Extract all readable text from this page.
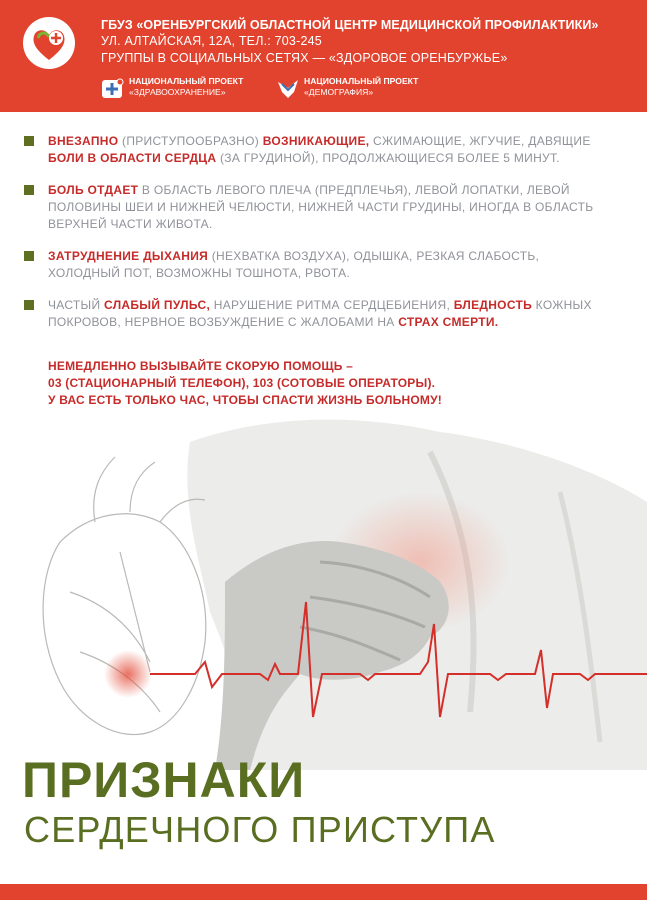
ГБУЗ «ОРЕНБУРГСКИЙ ОБЛАСТНОЙ ЦЕНТР МЕДИЦИНСКОЙ ПРОФИЛАКТИКИ»
УЛ. АЛТАЙСКАЯ, 12А, ТЕЛ.: 703-245
ГРУППЫ В СОЦИАЛЬНЫХ СЕТЯХ — «ЗДОРОВОЕ ОРЕНБУРЖЬЕ»
НАЦИОНАЛЬНЫЙ ПРОЕКТ
«ЗДРАВООХРАНЕНИЕ»
НАЦИОНАЛЬНЫЙ ПРОЕКТ
«ДЕМОГРАФИЯ»
ВНЕЗАПНО (ПРИСТУПООБРАЗНО) ВОЗНИКАЮЩИЕ, СЖИМАЮЩИЕ, ЖГУЧИЕ, ДАВЯЩИЕ БОЛИ В ОБЛАСТИ СЕРДЦА (ЗА ГРУДИНОЙ), ПРОДОЛЖАЮЩИЕСЯ БОЛЕЕ 5 МИНУТ.
БОЛЬ ОТДАЕТ В ОБЛАСТЬ ЛЕВОГО ПЛЕЧА (ПРЕДПЛЕЧЬЯ), ЛЕВОЙ ЛОПАТКИ, ЛЕВОЙ ПОЛОВИНЫ ШЕИ И НИЖНЕЙ ЧЕЛЮСТИ, НИЖНЕЙ ЧАСТИ ГРУДИНЫ, ИНОГДА В ОБЛАСТЬ ВЕРХНЕЙ ЧАСТИ ЖИВОТА.
ЗАТРУДНЕНИЕ ДЫХАНИЯ (НЕХВАТКА ВОЗДУХА), ОДЫШКА, РЕЗКАЯ СЛАБОСТЬ, ХОЛОДНЫЙ ПОТ, ВОЗМОЖНЫ ТОШНОТА, РВОТА.
ЧАСТЫЙ СЛАБЫЙ ПУЛЬС, НАРУШЕНИЕ РИТМА СЕРДЦЕБИЕНИЯ, БЛЕДНОСТЬ КОЖНЫХ ПОКРОВОВ, НЕРВНОЕ ВОЗБУЖДЕНИЕ С ЖАЛОБАМИ НА СТРАХ СМЕРТИ.
НЕМЕДЛЕННО ВЫЗЫВАЙТЕ СКОРУЮ ПОМОЩЬ –
03 (СТАЦИОНАРНЫЙ ТЕЛЕФОН), 103 (СОТОВЫЕ ОПЕРАТОРЫ).
У ВАС ЕСТЬ ТОЛЬКО ЧАС, ЧТОБЫ СПАСТИ ЖИЗНЬ БОЛЬНОМУ!
ПРИЗНАКИ
СЕРДЕЧНОГО ПРИСТУПА
